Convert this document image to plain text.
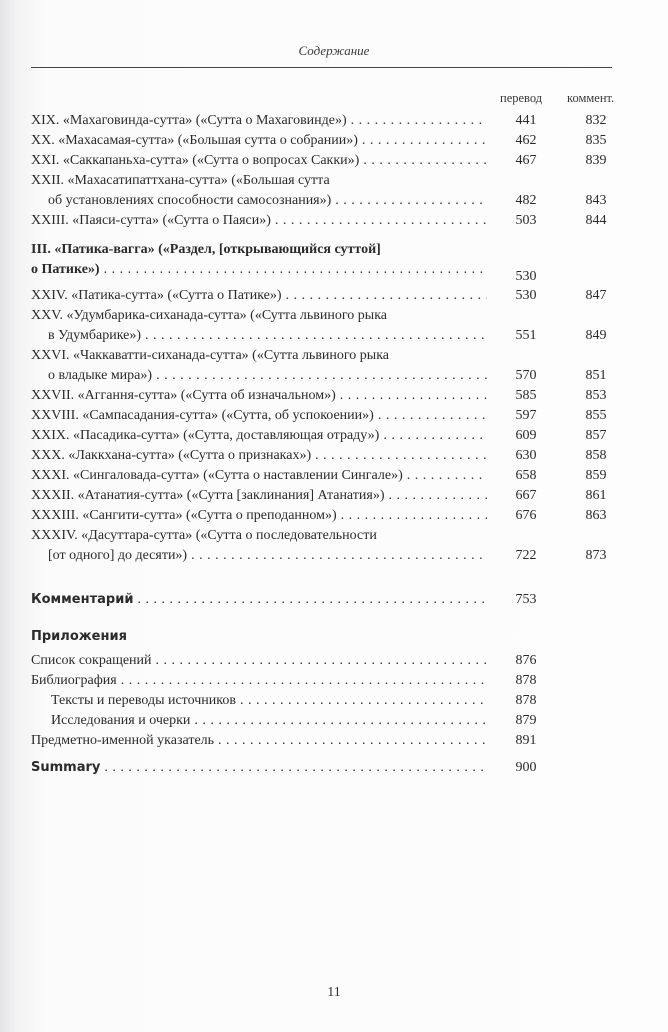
Содержание
перевод коммент.
XIX. «Махаговинда-сутта» («Сутта о Махаговинде») . . .	441	832
XX. «Махасамая-сутта» («Большая сутта о собрании») . . .	462	835
XXI. «Саккапаньха-сутта» («Сутта о вопросах Сакки») . . .	467	839
XXII. «Махасатипаттхана-сутта» («Большая сутта
об установлениях способности самосознания») . . .	482	843
XXIII. «Паяси-сутта» («Сутта о Паяси») . . .	503	844
III. «Патика-вагга» («Раздел, [открывающийся суттой]
о Патике») . . .	530
XXIV. «Патика-сутта» («Сутта о Патике») . . .	530	847
XXV. «Удумбарика-сиханада-сутта» («Сутта львиного рыка
в Удумбарике») . . .	551	849
XXVI. «Чаккаватти-сиханада-сутта» («Сутта львиного рыка
о владыке мира») . . .	570	851
XXVII. «Аггання-сутта» («Сутта об изначальном») . . .	585	853
XXVIII. «Сампасадания-сутта» («Сутта, об успокоении») . . .	597	855
XXIX. «Пасадика-сутта» («Сутта, доставляющая отраду») . . .	609	857
XXX. «Лаккхана-сутта» («Сутта о признаках») . . .	630	858
XXXI. «Сингаловада-сутта» («Сутта о наставлении Сингале») . . .	658	859
XXXII. «Атанатия-сутта» («Сутта [заклинания] Атанатия») . . .	667	861
XXXIII. «Сангити-сутта» («Сутта о преподанном») . . .	676	863
XXXIV. «Дасуттара-сутта» («Сутта о последовательности
[от одного] до десяти») . . .	722	873
Комментарий . . .	753
Приложения
Список сокращений . . .	876
Библиография . . .	878
Тексты и переводы источников . . .	878
Исследования и очерки . . .	879
Предметно-именной указатель . . .	891
Summary . . .	900
11
